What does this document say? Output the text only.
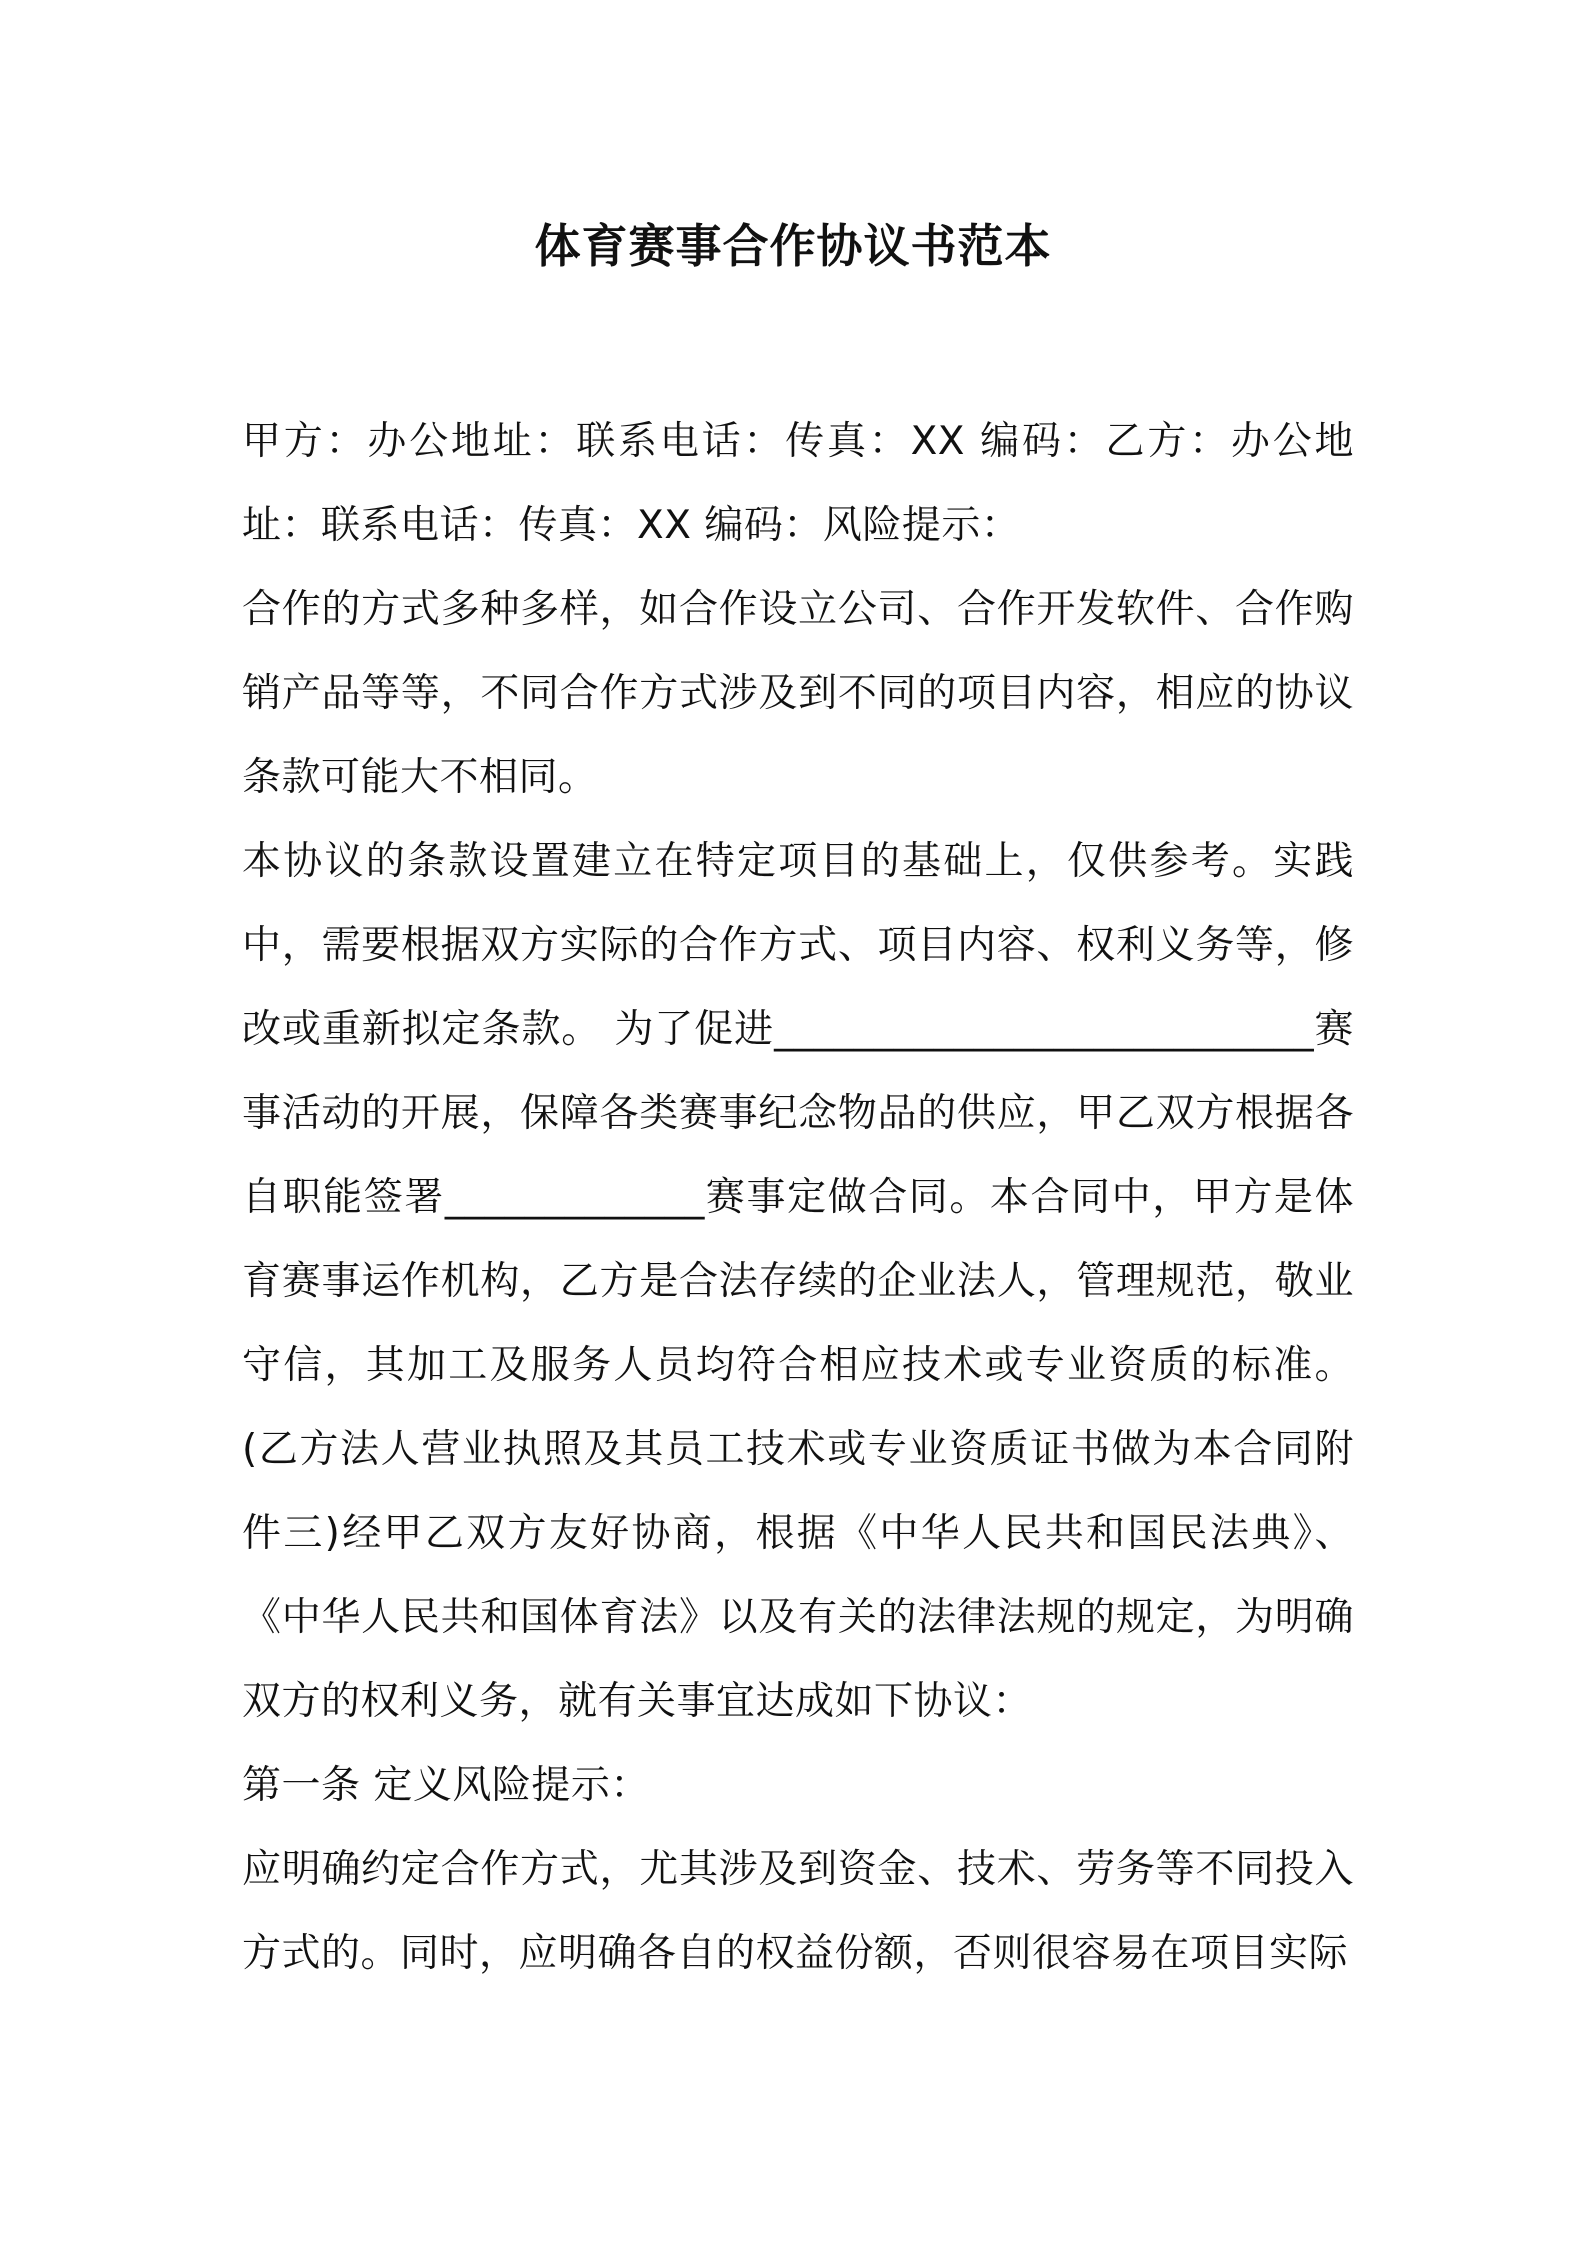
体育赛事合作协议书范本

甲方：办公地址：联系电话：传真：XX 编码：乙方：办公地址：联系电话：传真：XX 编码：风险提示：

合作的方式多种多样，如合作设立公司、合作开发软件、合作购销产品等等，不同合作方式涉及到不同的项目内容，相应的协议条款可能大不相同。

本协议的条款设置建立在特定项目的基础上，仅供参考。实践中，需要根据双方实际的合作方式、项目内容、权利义务等，修改或重新拟定条款。 为了促进___________________________赛事活动的开展，保障各类赛事纪念物品的供应，甲乙双方根据各自职能签署_____________赛事定做合同。本合同中，甲方是体育赛事运作机构，乙方是合法存续的企业法人，管理规范，敬业守信，其加工及服务人员均符合相应技术或专业资质的标准。(乙方法人营业执照及其员工技术或专业资质证书做为本合同附件三)经甲乙双方友好协商，根据《中华人民共和国民法典》、《中华人民共和国体育法》以及有关的法律法规的规定，为明确双方的权利义务，就有关事宜达成如下协议：

第一条 定义风险提示：

应明确约定合作方式，尤其涉及到资金、技术、劳务等不同投入方式的。同时，应明确各自的权益份额，否则很容易在项目实际
